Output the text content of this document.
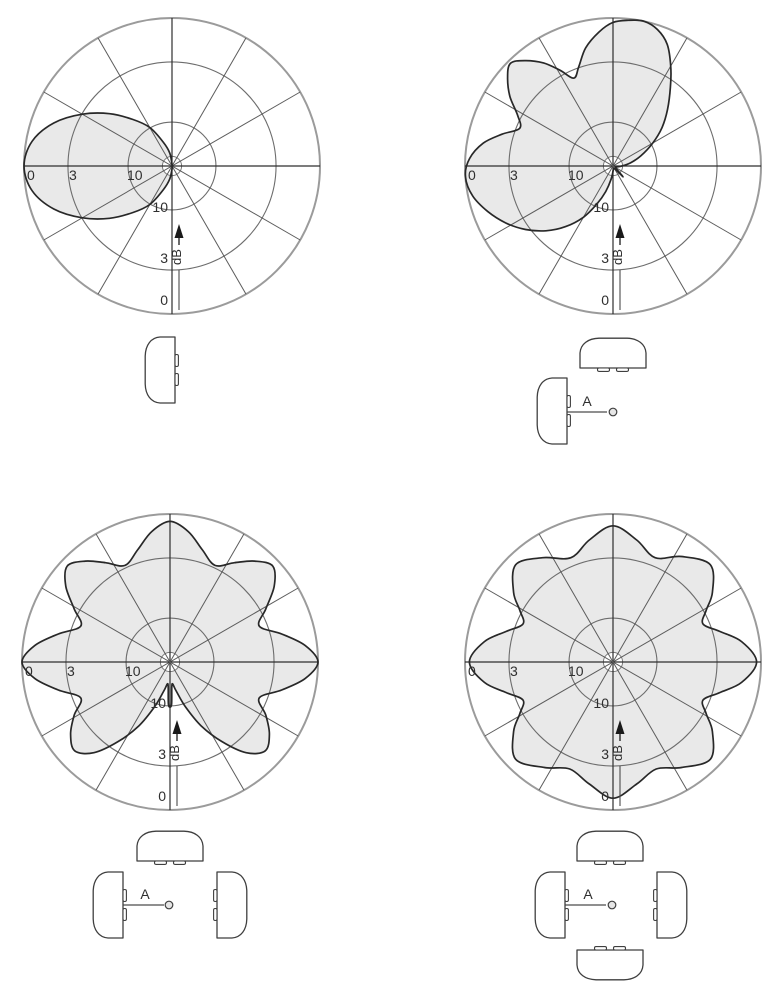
0 3	10
10
3
0
dB
0 3	10
10
3
0
dB
A
0 3	10
10
3
0
dB
A
0 3	10
10
3
0
dB
A
